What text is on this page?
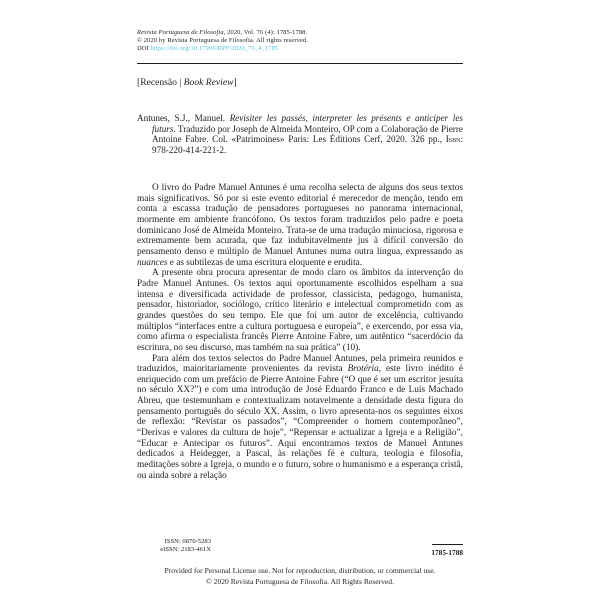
Revista Portuguesa de Filosofia, 2020, Vol. 76 (4): 1785-1788.
© 2020 by Revista Portuguesa de Filosofia. All rights reserved.
DOI https://doi.org/10.17990/RPF/2020_76_4_1785
[Recensão | Book Review]
Antunes, S.J., Manuel. Revisiter les passés, interpreter les présents e anticiper les futurs. Traduzido por Joseph de Almeida Monteiro, OP com a Colaboração de Pierre Antoine Fabre. Col. «Patrimoines» Paris: Les Éditions Cerf, 2020. 326 pp., Isbn: 978-220-414-221-2.

O livro do Padre Manuel Antunes é uma recolha selecta de alguns dos seus textos mais significativos. Só por si este evento editorial é merecedor de menção, tendo em conta a escassa tradução de pensadores portugueses no panorama internacional, mormente em ambiente francófono. Os textos foram traduzidos pelo padre e poeta dominicano José de Almeida Monteiro. Trata-se de uma tradução minuciosa, rigorosa e extremamente bem acurada, que faz indubitavelmente jus à difícil conversão do pensamento denso e múltiplo de Manuel Antunes numa outra língua, expressando as nuances e as subtilezas de uma escritura eloquente e erudita.

A presente obra procura apresentar de modo claro os âmbitos da intervenção do Padre Manuel Antunes. Os textos aqui oportunamente escolhidos espelham a sua intensa e diversificada actividade de professor, classicista, pedagogo, humanista, pensador, historiador, sociólogo, crítico literário e intelectual comprometido com as grandes questões do seu tempo. Ele que foi um autor de excelência, cultivando múltiplos “interfaces entre a cultura portuguesa e europeia”, e exercendo, por essa via, como afirma o especialista francês Pierre Antoine Fabre, um autêntico “sacerdócio da escritura, no seu discurso, mas também na sua prática” (10).

Para além dos textos selectos do Padre Manuel Antunes, pela primeira reunidos e traduzidos, maioritariamente provenientes da revista Brotéria, este livro inédito é enriquecido com um prefácio de Pierre Antoine Fabre (“O que é ser um escritor jesuíta no século XX?”) e com uma introdução de José Eduardo Franco e de Luís Machado Abreu, que testemunham e contextualizam notavelmente a densidade desta figura do pensamento português do século XX. Assim, o livro apresenta-nos os seguintes eixos de reflexão: “Revistar os passados”, “Compreender o homem contemporâneo”, “Derivas e valores da cultura de hoje”, “Repensar e actualizar a Igreja e a Religião”, “Educar e Antecipar os futuros”. Aqui encontramos textos de Manuel Antunes dedicados a Heidegger, a Pascal, às relações fé e cultura, teologia e filosofia, meditações sobre a Igreja, o mundo e o futuro, sobre o humanismo e a esperança cristã, ou ainda sobre a relação

ISSN: 0870-5283
eISSN: 2183-461X	1785-1788
Provided for Personal License use. Not for reproduction, distribution, or commercial use.
© 2020 Revista Portuguesa de Filosofia. All Rights Reserved.
